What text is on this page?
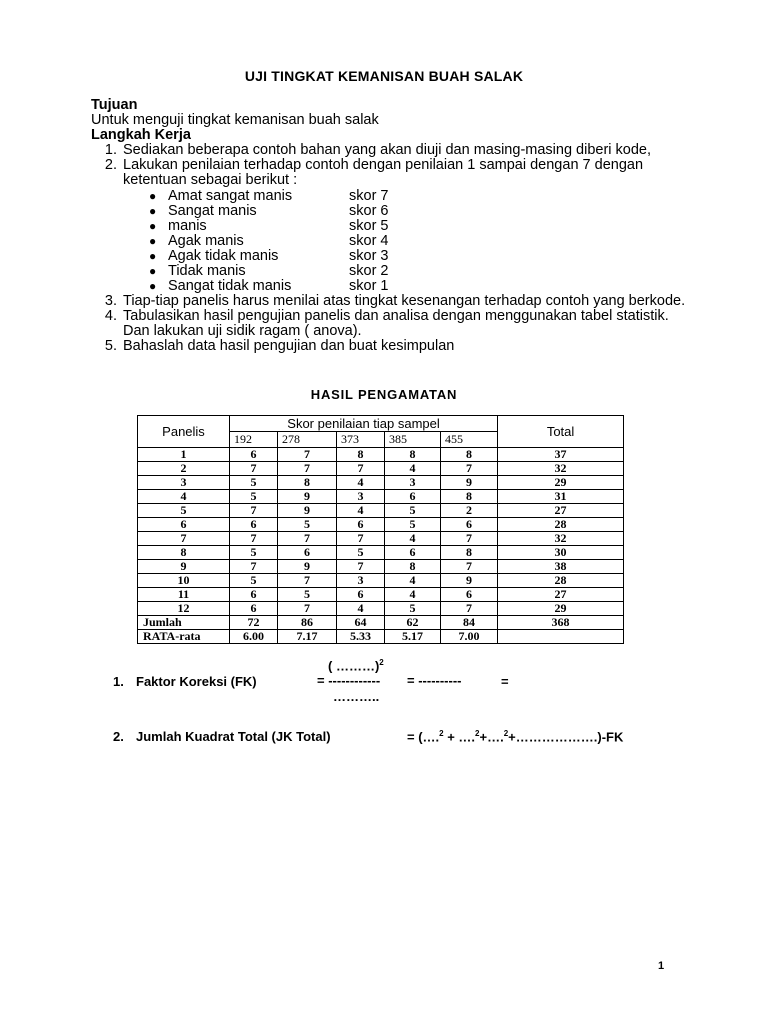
UJI TINGKAT KEMANISAN BUAH SALAK
Tujuan
Untuk menguji tingkat kemanisan buah salak
Langkah Kerja
1. Sediakan beberapa contoh bahan yang akan diuji dan masing-masing diberi kode,
2. Lakukan penilaian terhadap contoh dengan penilaian 1 sampai dengan 7 dengan ketentuan sebagai berikut :
● Amat sangat manis	skor 7
● Sangat manis	skor 6
● manis	skor 5
● Agak manis	skor 4
● Agak tidak manis	skor 3
● Tidak manis	skor 2
● Sangat tidak manis	skor 1
3. Tiap-tiap panelis harus menilai atas tingkat kesenangan terhadap contoh yang berkode.
4. Tabulasikan hasil pengujian panelis dan analisa dengan menggunakan tabel statistik. Dan lakukan uji sidik ragam ( anova).
5. Bahaslah data hasil pengujian dan buat kesimpulan
HASIL PENGAMATAN
Panelis	Skor penilaian tiap sampel					Total
	192	278	373	385	455	
1	6	7	8	8	8	37
2	7	7	7	4	7	32
3	5	8	4	3	9	29
4	5	9	3	6	8	31
5	7	9	4	5	2	27
6	6	5	6	5	6	28
7	7	7	7	4	7	32
8	5	6	5	6	8	30
9	7	9	7	8	7	38
10	5	7	3	4	9	28
11	6	5	6	4	6	27
12	6	7	4	5	7	29
Jumlah	72	86	64	62	84	368
RATA-rata	6.00	7.17	5.33	5.17	7.00	
( ………)$^2$
1. Faktor Koreksi (FK)	= ------------ = ----------	=
………..
2. Jumlah Kuadrat Total (JK Total)	= (….$^2$ + ….$^2$+….$^2$+……………….)-FK
1
